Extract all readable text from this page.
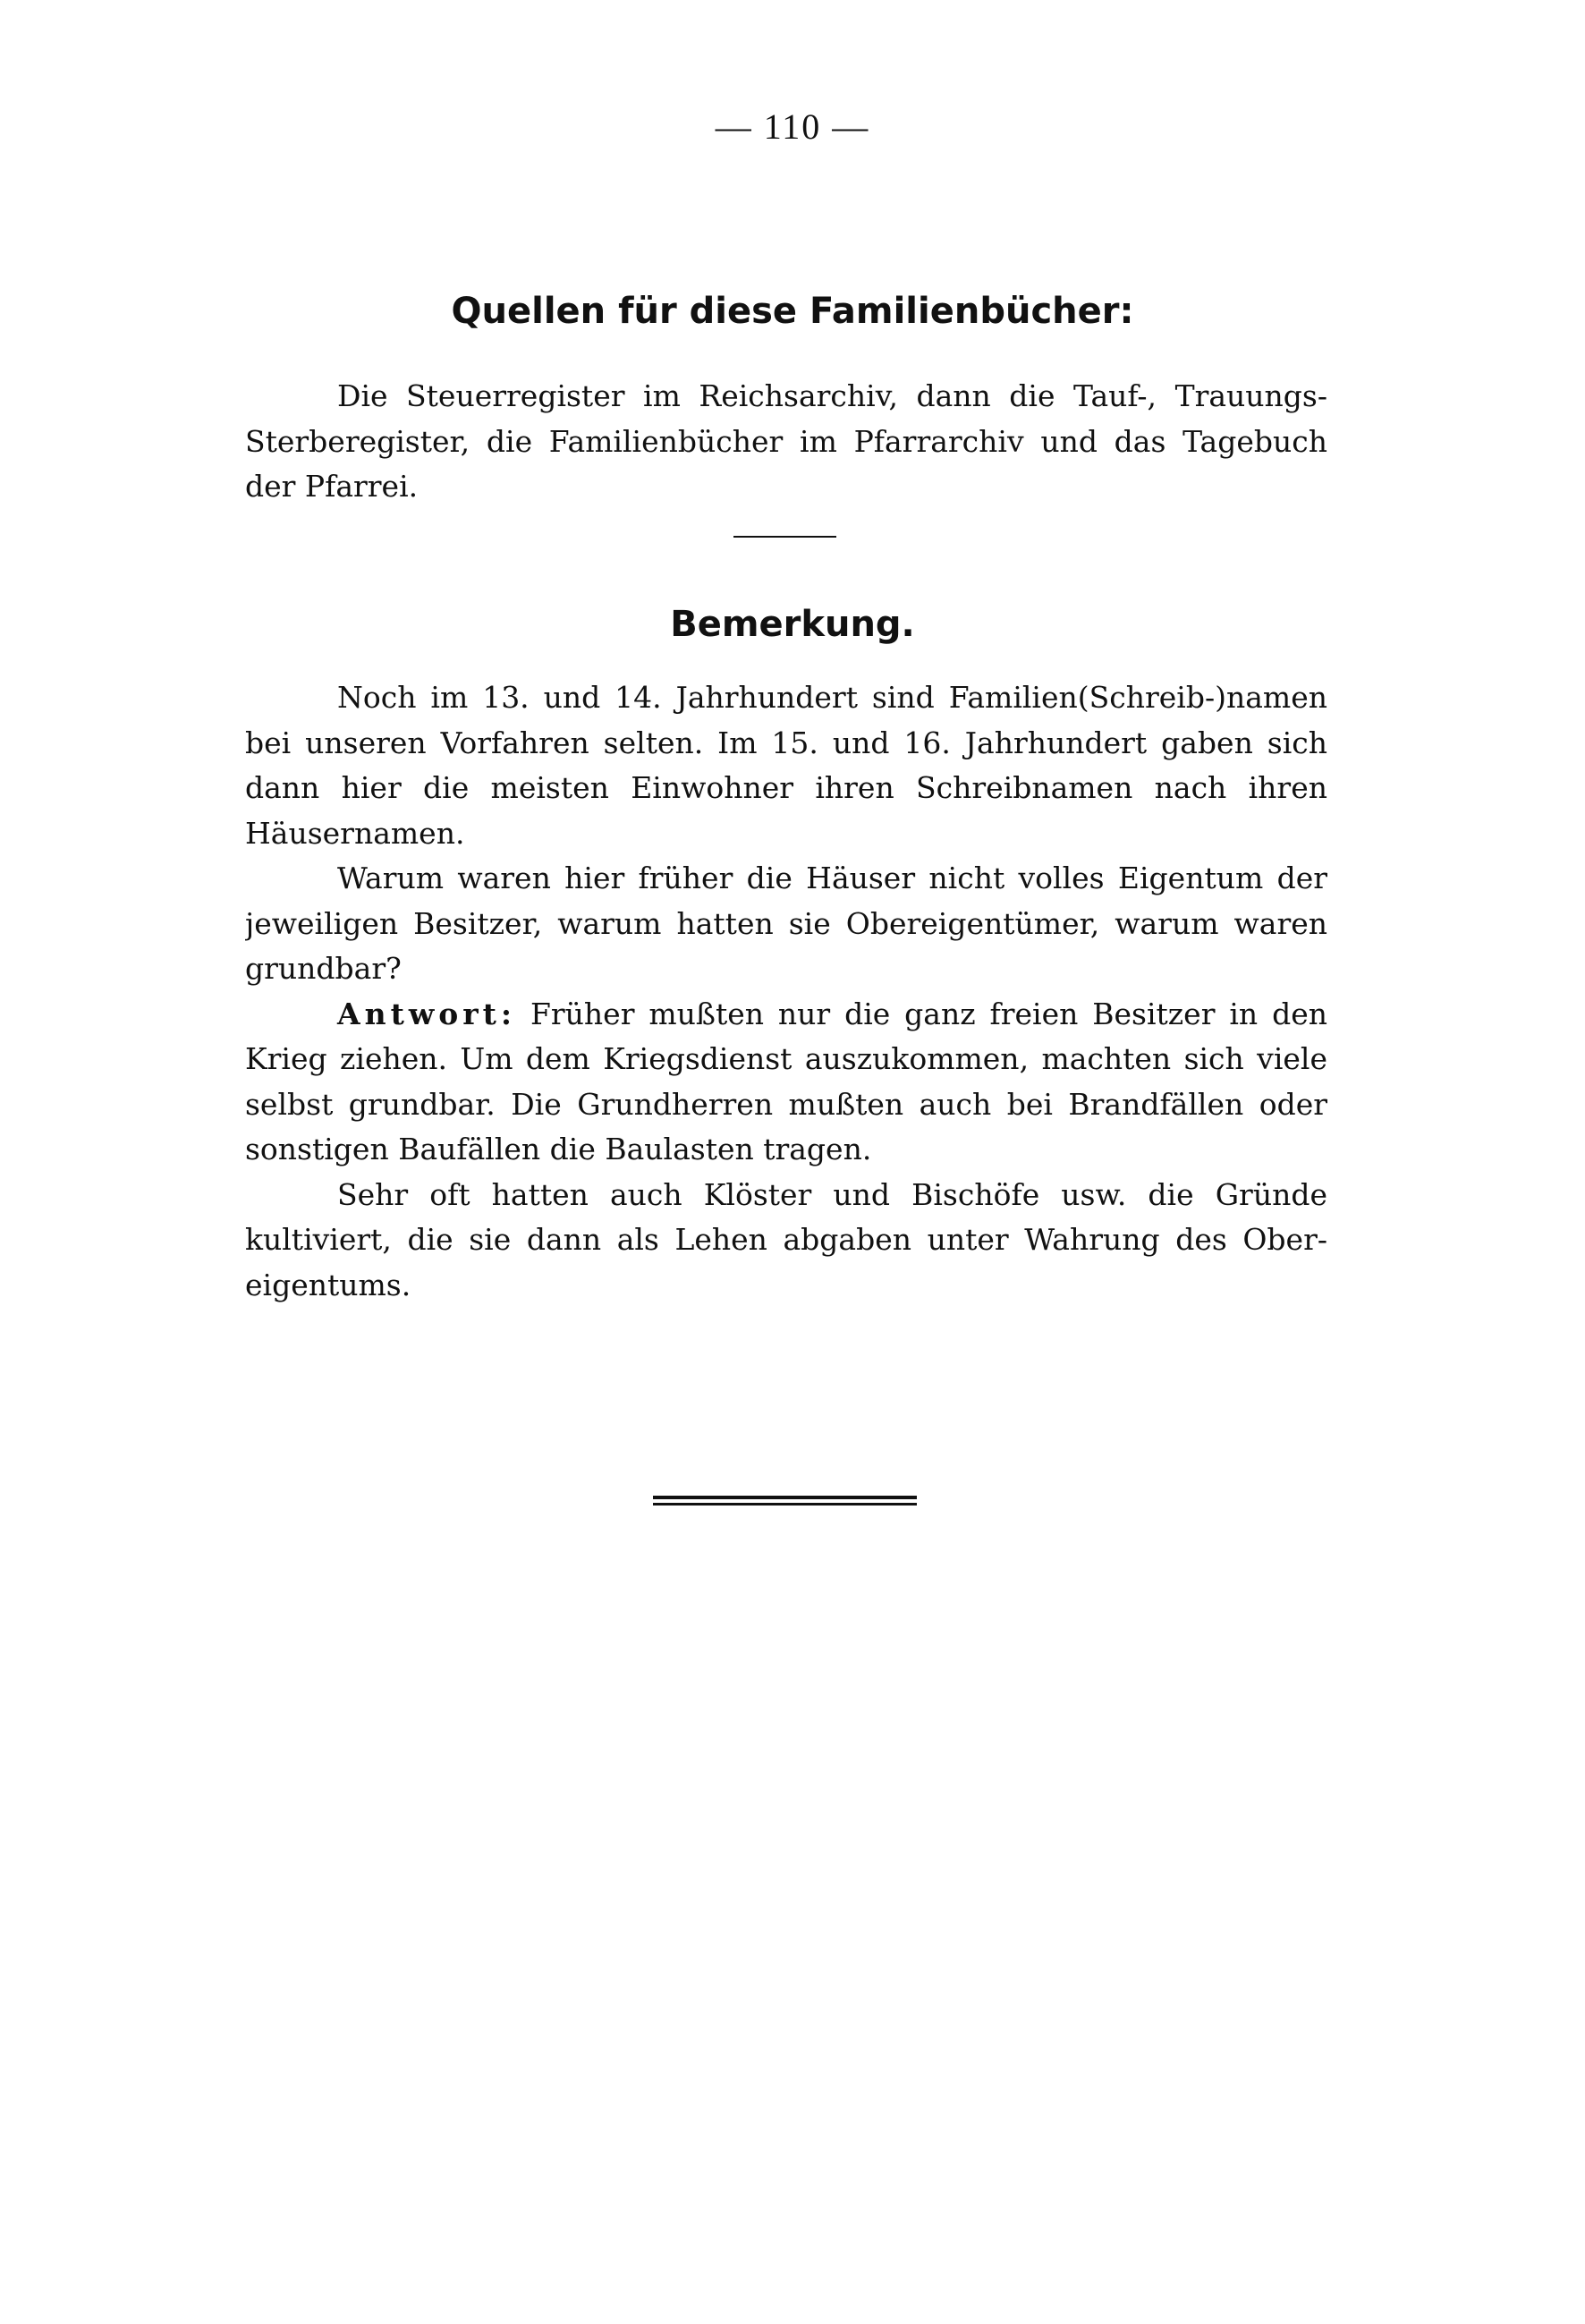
— 110 —
Quellen für diese Familienbücher:
Die Steuerregister im Reichsarchiv, dann die Tauf-, Trauungs-
Sterberegister, die Familienbücher im Pfarrarchiv und das Tagebuch
der Pfarrei.
Bemerkung.
Noch im 13. und 14. Jahrhundert sind Familien(Schreib-)namen
bei unseren Vorfahren selten. Im 15. und 16. Jahrhundert gaben sich
dann hier die meisten Einwohner ihren Schreibnamen nach ihren
Häusernamen.
Warum waren hier früher die Häuser nicht volles Eigentum der
jeweiligen Besitzer, warum hatten sie Obereigentümer, warum waren
grundbar?
Antwort: Früher mußten nur die ganz freien Besitzer in den
Krieg ziehen. Um dem Kriegsdienst auszukommen, machten sich viele
selbst grundbar. Die Grundherren mußten auch bei Brandfällen oder
sonstigen Baufällen die Baulasten tragen.
Sehr oft hatten auch Klöster und Bischöfe usw. die Gründe
kultiviert, die sie dann als Lehen abgaben unter Wahrung des Ober-
eigentums.
